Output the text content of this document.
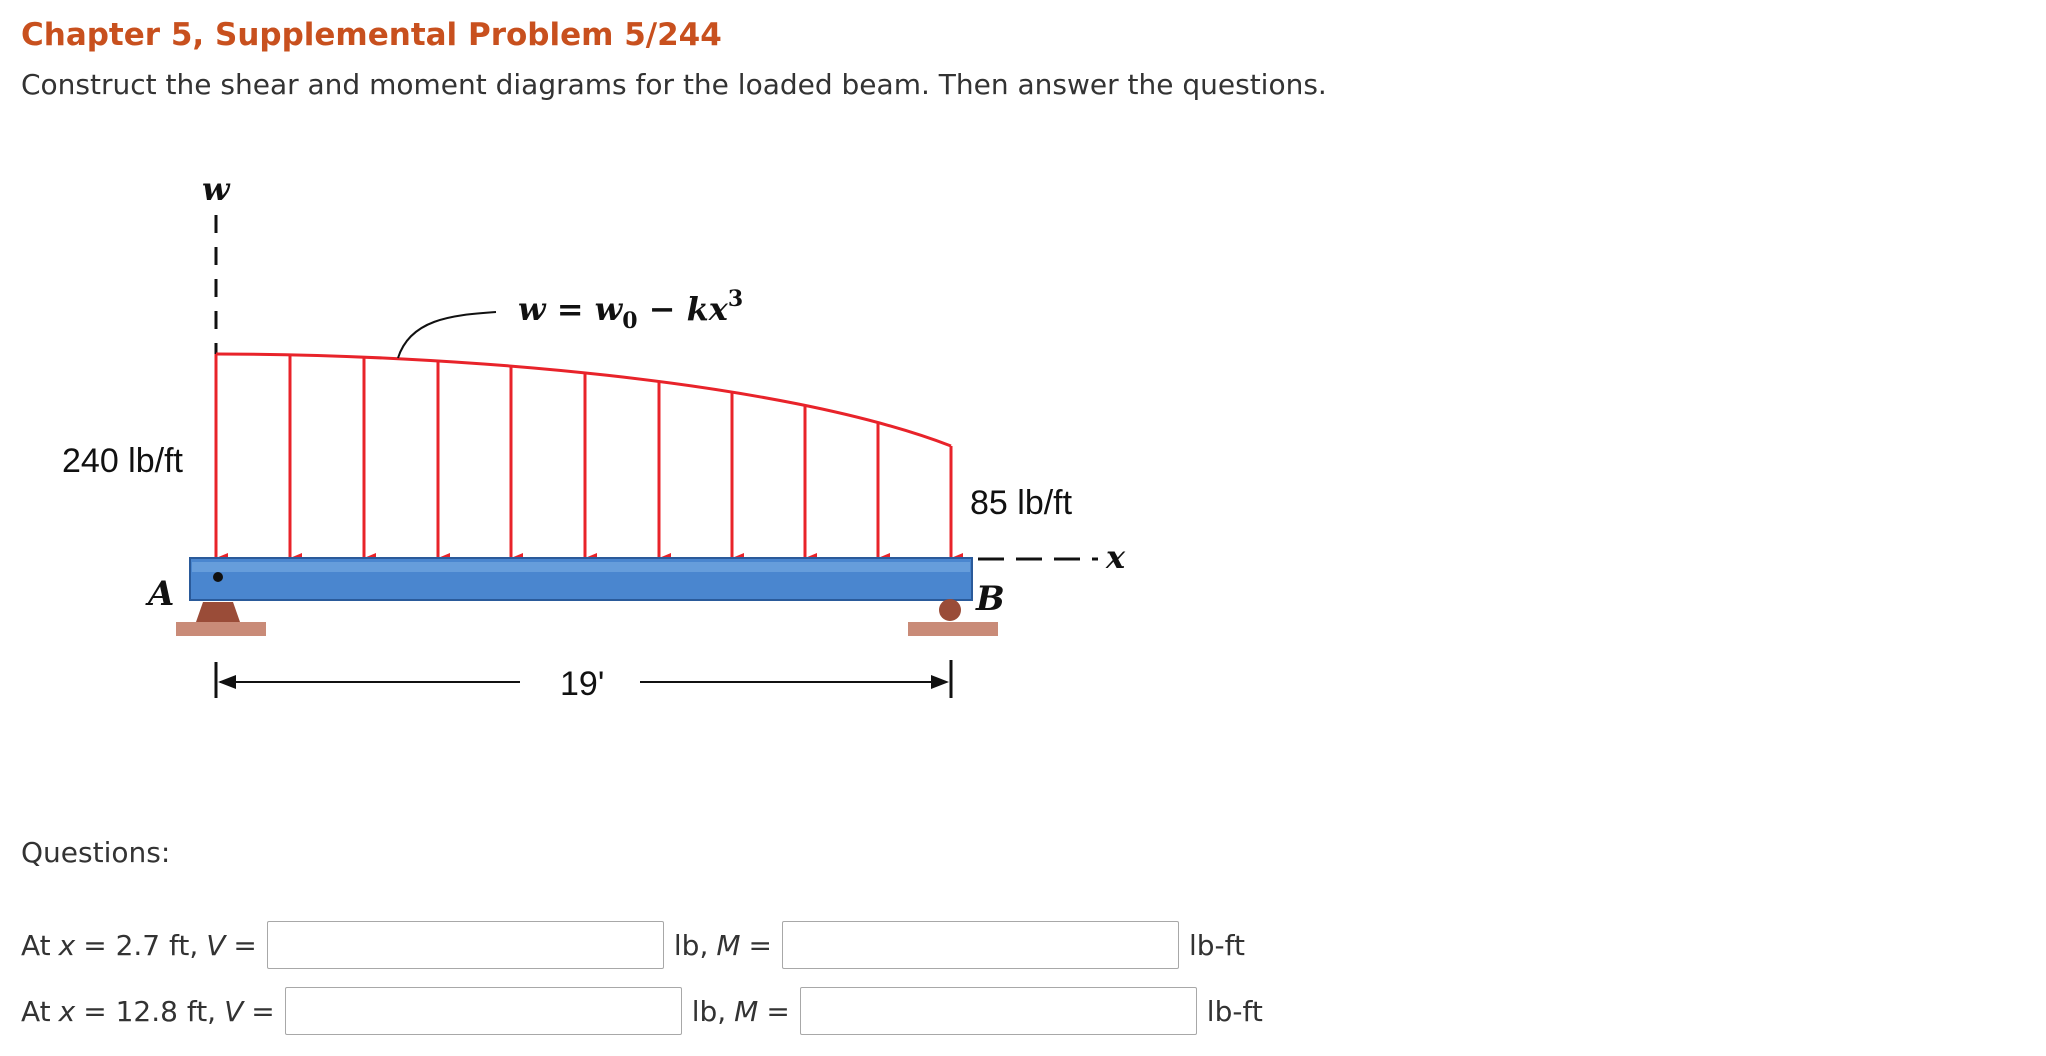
Chapter 5, Supplemental Problem 5/244

Construct the shear and moment diagrams for the loaded beam. Then answer the questions.

w
$w = w_0 - kx^3$
240 lb/ft
85 lb/ft
x
A	B
19'

Questions:

At x = 2.7 ft, V =	lb, M =	lb-ft
At x = 12.8 ft, V =	lb, M =	lb-ft
